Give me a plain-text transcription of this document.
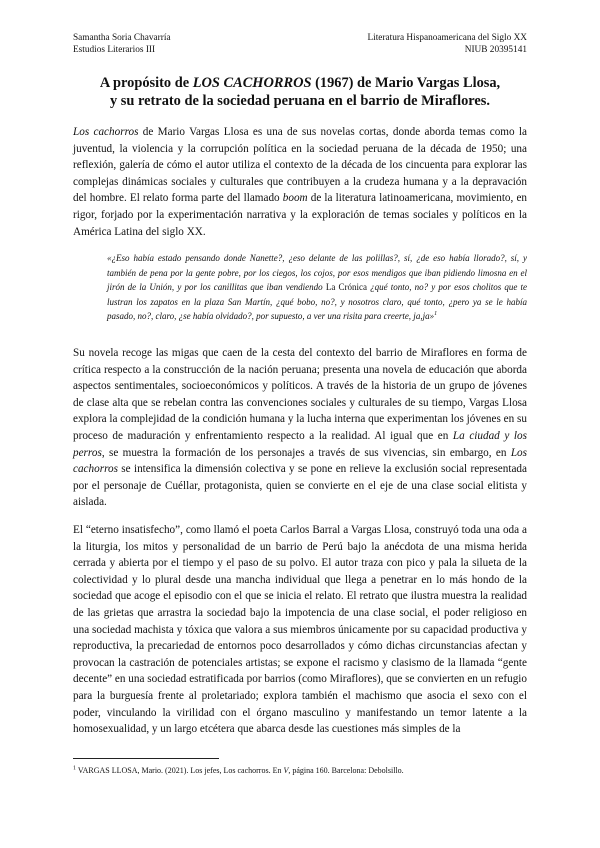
Samantha Soria Chavarría
Estudios Literarios III
Literatura Hispanoamericana del Siglo XX
NIUB 20395141
A propósito de LOS CACHORROS (1967) de Mario Vargas Llosa,
y su retrato de la sociedad peruana en el barrio de Miraflores.
Los cachorros de Mario Vargas Llosa es una de sus novelas cortas, donde aborda temas como la juventud, la violencia y la corrupción política en la sociedad peruana de la década de 1950; una reflexión, galería de cómo el autor utiliza el contexto de la década de los cincuenta para explorar las complejas dinámicas sociales y culturales que contribuyen a la crudeza humana y a la depravación del hombre. El relato forma parte del llamado boom de la literatura latinoamericana, movimiento, en rigor, forjado por la experimentación narrativa y la exploración de temas sociales y políticos en la América Latina del siglo XX.
«¿Eso había estado pensando donde Nanette?, ¿eso delante de las polillas?, sí, ¿de eso había llorado?, sí, y también de pena por la gente pobre, por los ciegos, los cojos, por esos mendigos que iban pidiendo limosna en el jirón de la Unión, y por los canillitas que iban vendiendo La Crónica ¿qué tonto, no? y por esos cholitos que te lustran los zapatos en la plaza San Martín, ¿qué bobo, no?, y nosotros claro, qué tonto, ¿pero ya se le había pasado, no?, claro, ¿se había olvidado?, por supuesto, a ver una risita para creerte, ja,ja»$^1$
Su novela recoge las migas que caen de la cesta del contexto del barrio de Miraflores en forma de crítica respecto a la construcción de la nación peruana; presenta una novela de educación que aborda aspectos sentimentales, socioeconómicos y políticos. A través de la historia de un grupo de jóvenes de clase alta que se rebelan contra las convenciones sociales y culturales de su tiempo, Vargas Llosa explora la complejidad de la condición humana y la lucha interna que experimentan los jóvenes en su proceso de maduración y enfrentamiento respecto a la realidad. Al igual que en La ciudad y los perros, se muestra la formación de los personajes a través de sus vivencias, sin embargo, en Los cachorros se intensifica la dimensión colectiva y se pone en relieve la exclusión social representada por el personaje de Cuéllar, protagonista, quien se convierte en el eje de una clase social elitista y aislada.
El “eterno insatisfecho”, como llamó el poeta Carlos Barral a Vargas Llosa, construyó toda una oda a la liturgia, los mitos y personalidad de un barrio de Perú bajo la anécdota de una misma herida cerrada y abierta por el tiempo y el paso de su polvo. El autor traza con pico y pala la silueta de la colectividad y lo plural desde una mancha individual que llega a penetrar en lo más hondo de la sociedad que acoge el episodio con el que se inicia el relato. El retrato que ilustra muestra la realidad de las grietas que arrastra la sociedad bajo la impotencia de una clase social, el poder religioso en una sociedad machista y tóxica que valora a sus miembros únicamente por su capacidad productiva y reproductiva, la precariedad de entornos poco desarrollados y cómo dichas circunstancias afectan y provocan la castración de potenciales artistas; se expone el racismo y clasismo de la llamada “gente decente” en una sociedad estratificada por barrios (como Miraflores), que se convierten en un refugio para la burguesía frente al proletariado; explora también el machismo que asocia el sexo con el poder, vinculando la virilidad con el órgano masculino y manifestando un temor latente a la homosexualidad, y un largo etcétera que abarca desde las cuestiones más simples de la
$^1$ VARGAS LLOSA, Mario. (2021). Los jefes, Los cachorros. En V, página 160. Barcelona: Debolsillo.
